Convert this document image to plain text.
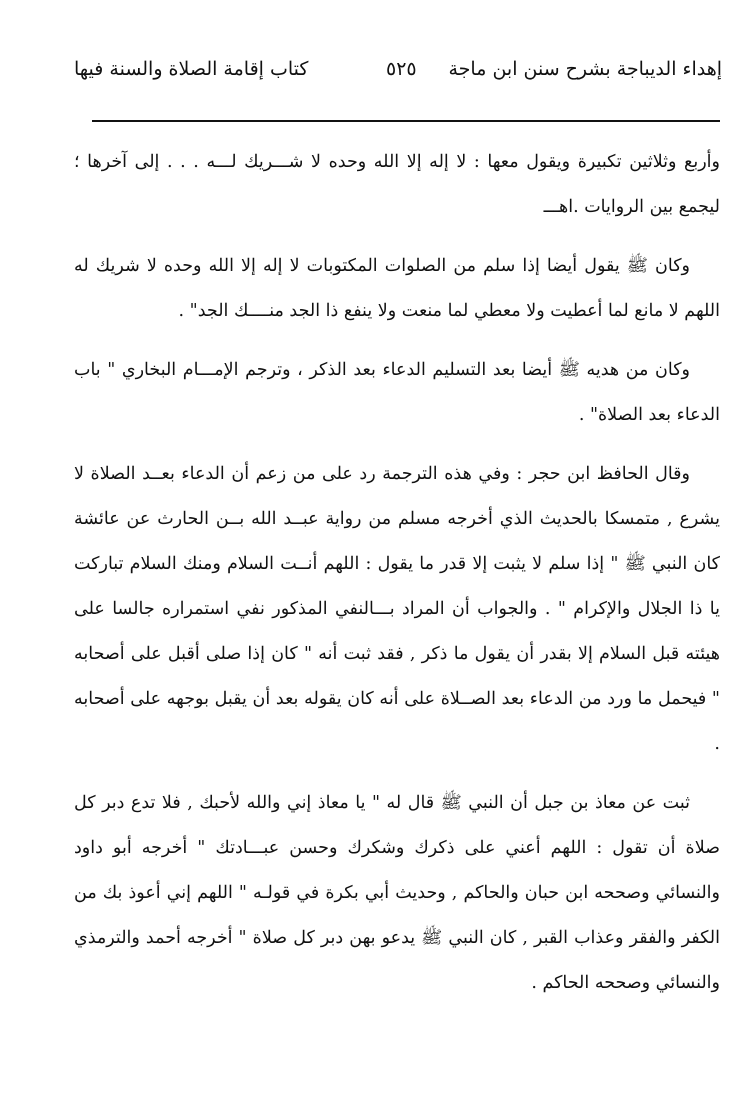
إهداء الديباجة بشرح سنن ابن ماجة
٥٢٥
كتاب إقامة الصلاة والسنة فيها

وأربع وثلاثين تكبيرة ويقول معها : لا إله إلا الله وحده لا شـــريك لـــه . . . إلى آخرها ؛ ليجمع بين الروايات .اهـــ

وكان ﷺ يقول أيضا إذا سلم من الصلوات المكتوبات لا إله إلا الله وحده لا شريك له اللهم لا مانع لما أعطيت ولا معطي لما منعت ولا ينفع ذا الجد منــــك الجد" .

وكان من هديه ﷺ أيضا بعد التسليم الدعاء بعد الذكر ، وترجم الإمـــام البخاري " باب الدعاء بعد الصلاة" .

وقال الحافظ ابن حجر : وفي هذه الترجمة رد على من زعم أن الدعاء بعــد الصلاة لا يشرع , متمسكا بالحديث الذي أخرجه مسلم من رواية عبــد الله بــن الحارث عن عائشة كان النبي ﷺ " إذا سلم لا يثبت إلا قدر ما يقول : اللهم أنــت السلام ومنك السلام تباركت يا ذا الجلال والإكرام " . والجواب أن المراد بـــالنفي المذكور نفي استمراره جالسا على هيئته قبل السلام إلا بقدر أن يقول ما ذكر , فقد ثبت أنه " كان إذا صلى أقبل على أصحابه " فيحمل ما ورد من الدعاء بعد الصــلاة على أنه كان يقوله بعد أن يقبل بوجهه على أصحابه .

ثبت عن معاذ بن جبل أن النبي ﷺ قال له " يا معاذ إني والله لأحبك , فلا تدع دبر كل صلاة أن تقول : اللهم أعني على ذكرك وشكرك وحسن عبـــادتك " أخرجه أبو داود والنسائي وصححه ابن حبان والحاكم , وحديث أبي بكرة في قولـه " اللهم إني أعوذ بك من الكفر والفقر وعذاب القبر , كان النبي ﷺ يدعو بهن دبر كل صلاة " أخرجه أحمد والترمذي والنسائي وصححه الحاكم .
